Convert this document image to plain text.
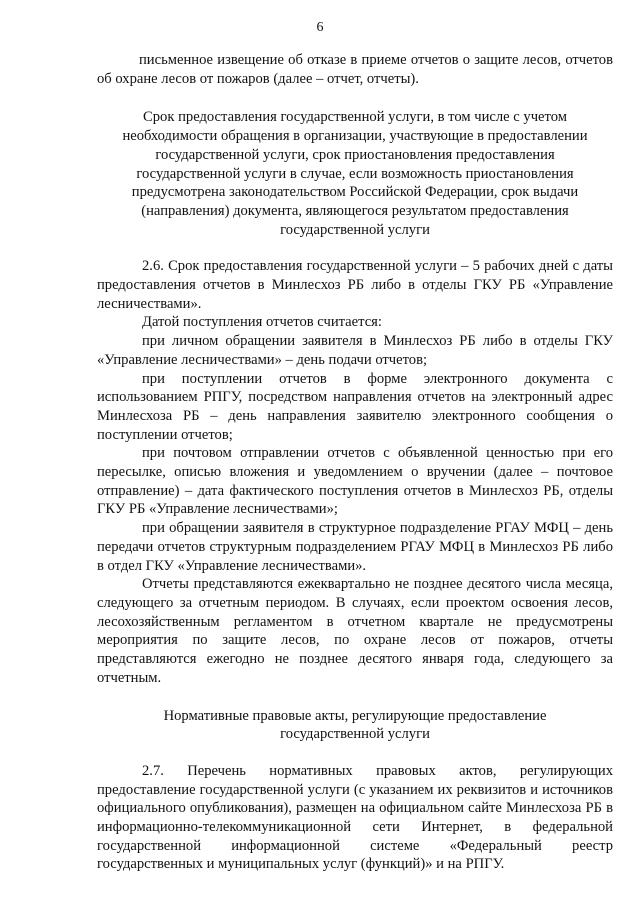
6

письменное извещение об отказе в приеме отчетов о защите лесов, отчетов об охране лесов от пожаров (далее – отчет, отчеты).

Срок предоставления государственной услуги, в том числе с учетом необходимости обращения в организации, участвующие в предоставлении государственной услуги, срок приостановления предоставления государственной услуги в случае, если возможность приостановления предусмотрена законодательством Российской Федерации, срок выдачи (направления) документа, являющегося результатом предоставления государственной услуги

2.6. Срок предоставления государственной услуги – 5 рабочих дней с даты предоставления отчетов в Минлесхоз РБ либо в отделы ГКУ РБ «Управление лесничествами».

Датой поступления отчетов считается:

при личном обращении заявителя в Минлесхоз РБ либо в отделы ГКУ «Управление лесничествами» – день подачи отчетов;

при поступлении отчетов в форме электронного документа с использованием РПГУ, посредством направления отчетов на электронный адрес Минлесхоза РБ – день направления заявителю электронного сообщения о поступлении отчетов;

при почтовом отправлении отчетов с объявленной ценностью при его пересылке, описью вложения и уведомлением о вручении (далее – почтовое отправление) – дата фактического поступления отчетов в Минлесхоз РБ, отделы ГКУ РБ «Управление лесничествами»;

при обращении заявителя в структурное подразделение РГАУ МФЦ – день передачи отчетов структурным подразделением РГАУ МФЦ в Минлесхоз РБ либо в отдел ГКУ «Управление лесничествами».

Отчеты представляются ежеквартально не позднее десятого числа месяца, следующего за отчетным периодом. В случаях, если проектом освоения лесов, лесохозяйственным регламентом в отчетном квартале не предусмотрены мероприятия по защите лесов, по охране лесов от пожаров, отчеты представляются ежегодно не позднее десятого января года, следующего за отчетным.

Нормативные правовые акты, регулирующие предоставление государственной услуги

2.7. Перечень нормативных правовых актов, регулирующих предоставление государственной услуги (с указанием их реквизитов и источников официального опубликования), размещен на официальном сайте Минлесхоза РБ в информационно-телекоммуникационной сети Интернет, в федеральной государственной информационной системе «Федеральный реестр государственных и муниципальных услуг (функций)» и на РПГУ.
